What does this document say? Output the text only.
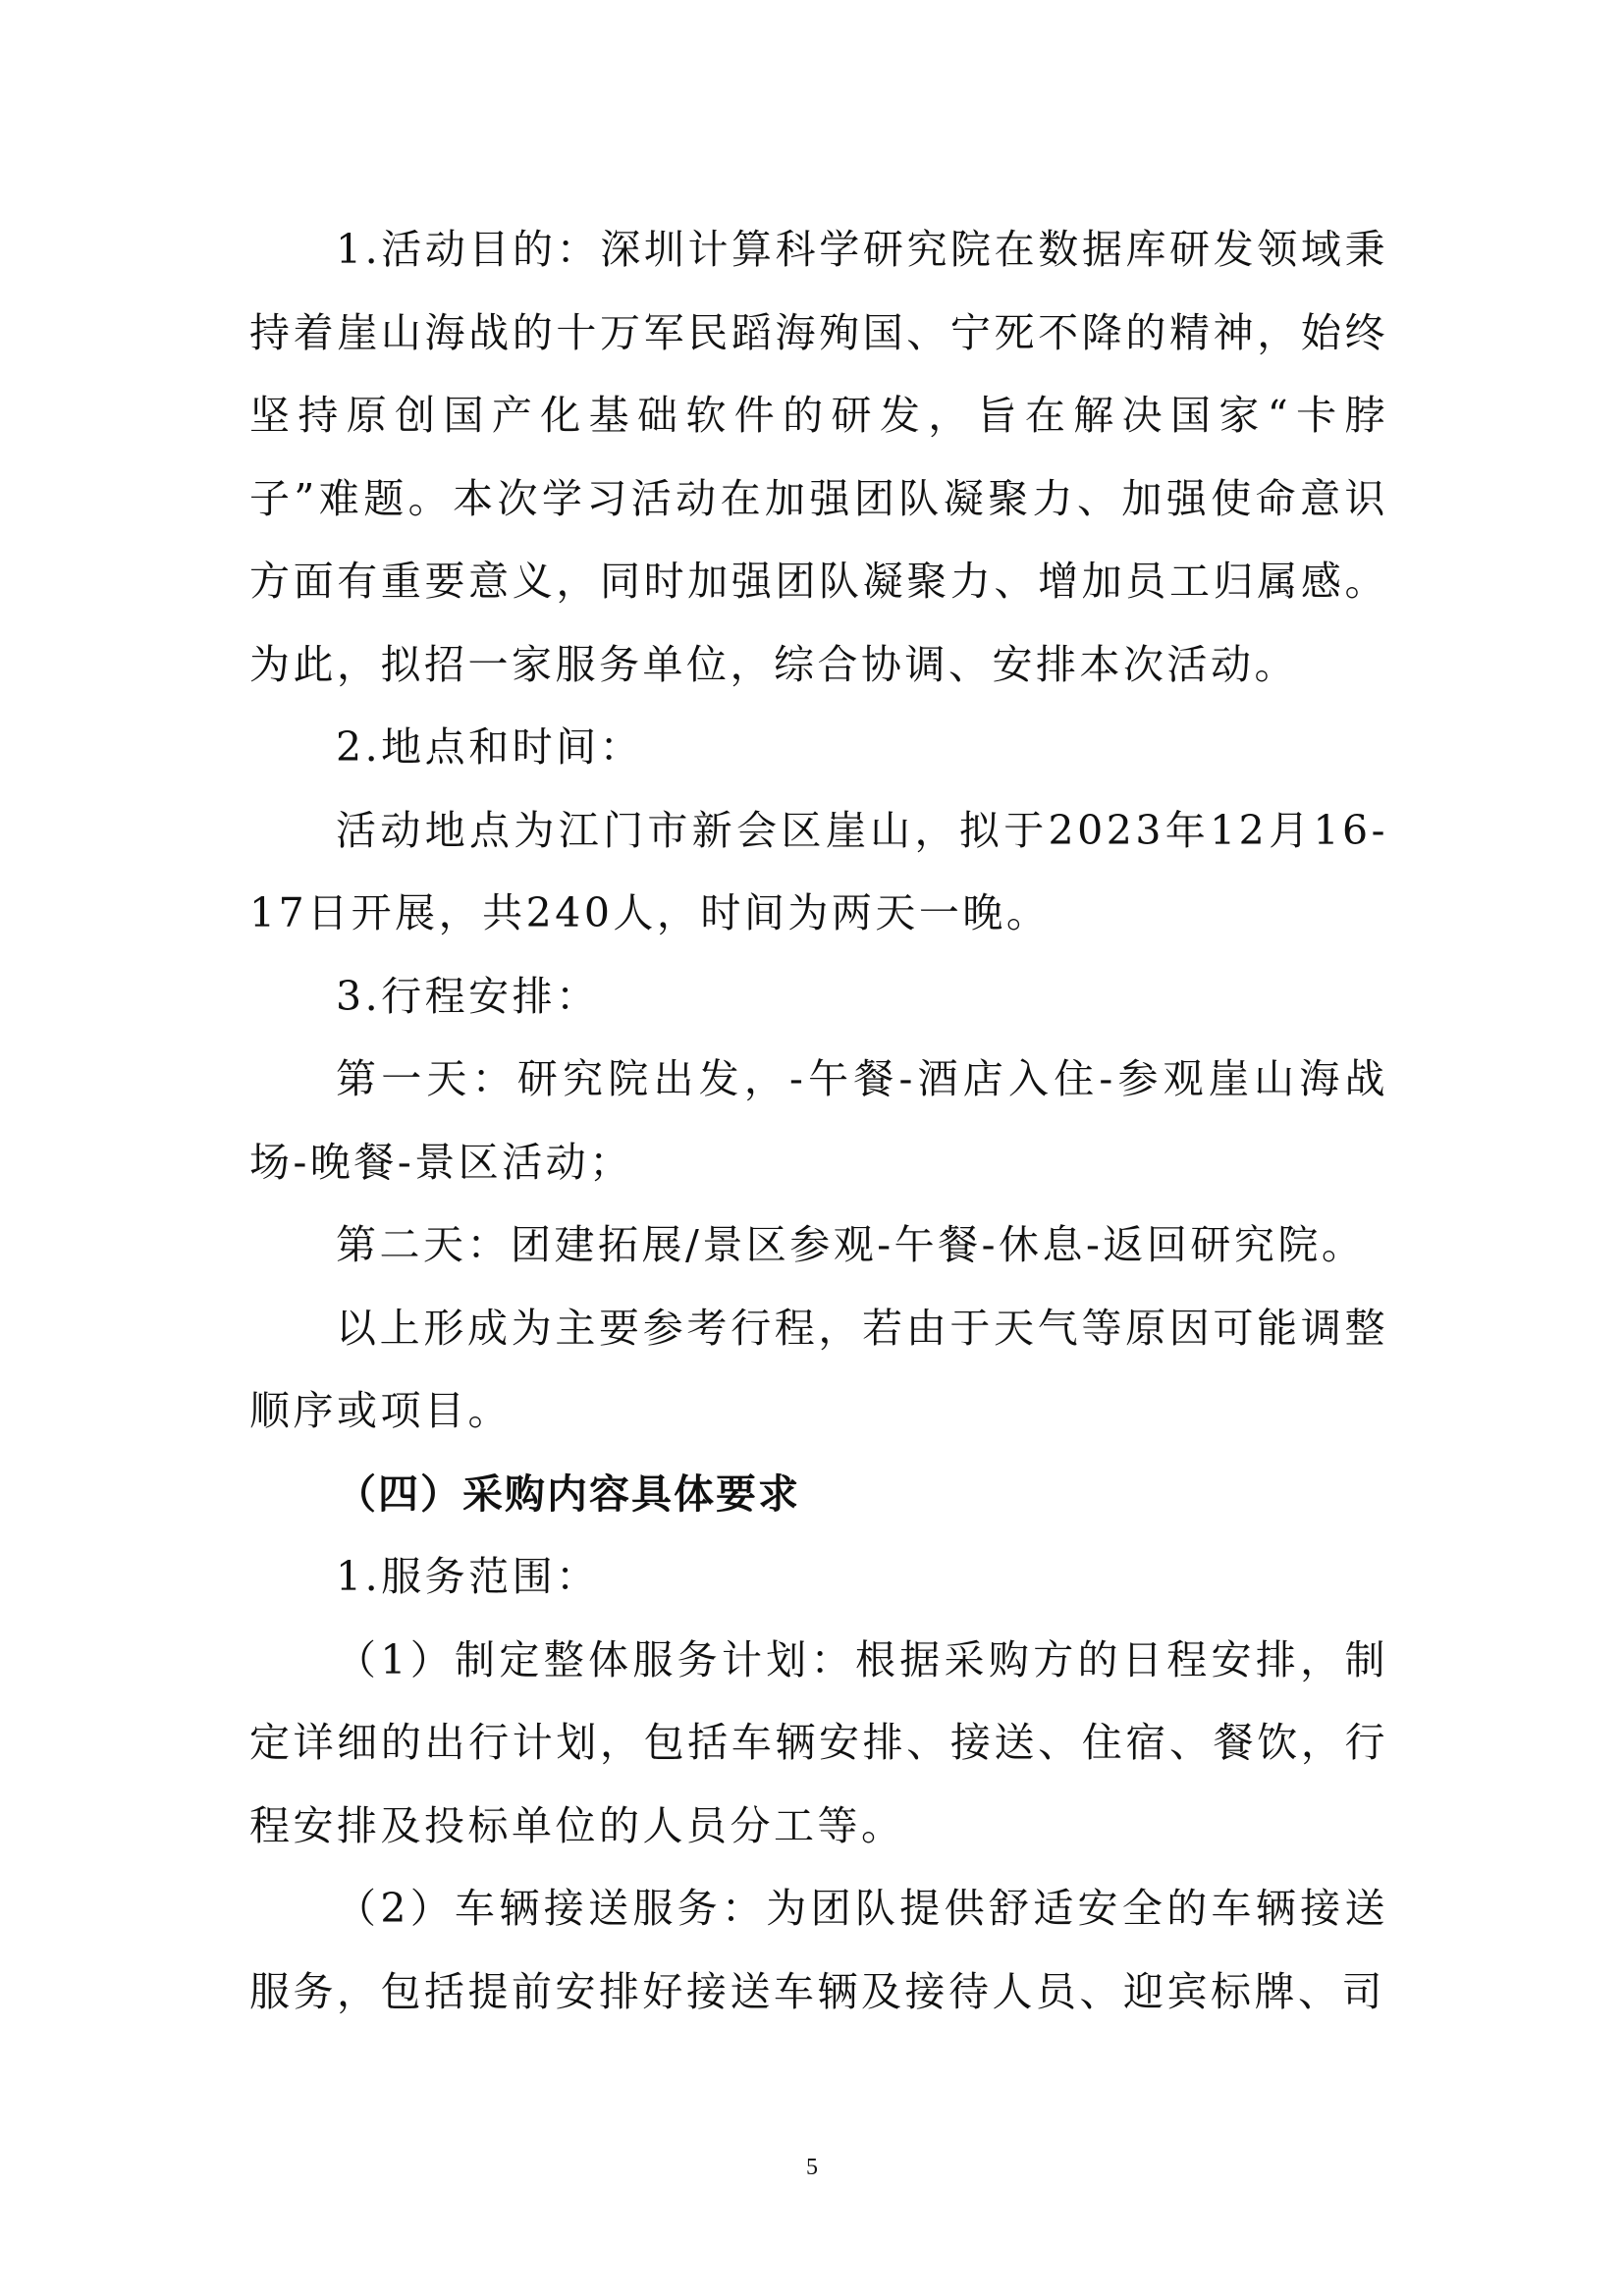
1.活动目的：深圳计算科学研究院在数据库研发领域秉持着崖山海战的十万军民蹈海殉国、宁死不降的精神，始终坚持原创国产化基础软件的研发，旨在解决国家“卡脖子”难题。本次学习活动在加强团队凝聚力、加强使命意识方面有重要意义，同时加强团队凝聚力、增加员工归属感。为此，拟招一家服务单位，综合协调、安排本次活动。

2.地点和时间：

活动地点为江门市新会区崖山，拟于2023年12月16-17日开展，共240人，时间为两天一晚。

3.行程安排：

第一天：研究院出发，-午餐-酒店入住-参观崖山海战场-晚餐-景区活动；

第二天：团建拓展/景区参观-午餐-休息-返回研究院。

以上形成为主要参考行程，若由于天气等原因可能调整顺序或项目。

（四）采购内容具体要求

1.服务范围：

（1）制定整体服务计划：根据采购方的日程安排，制定详细的出行计划，包括车辆安排、接送、住宿、餐饮，行程安排及投标单位的人员分工等。

（2）车辆接送服务：为团队提供舒适安全的车辆接送服务，包括提前安排好接送车辆及接待人员、迎宾标牌、司

5
